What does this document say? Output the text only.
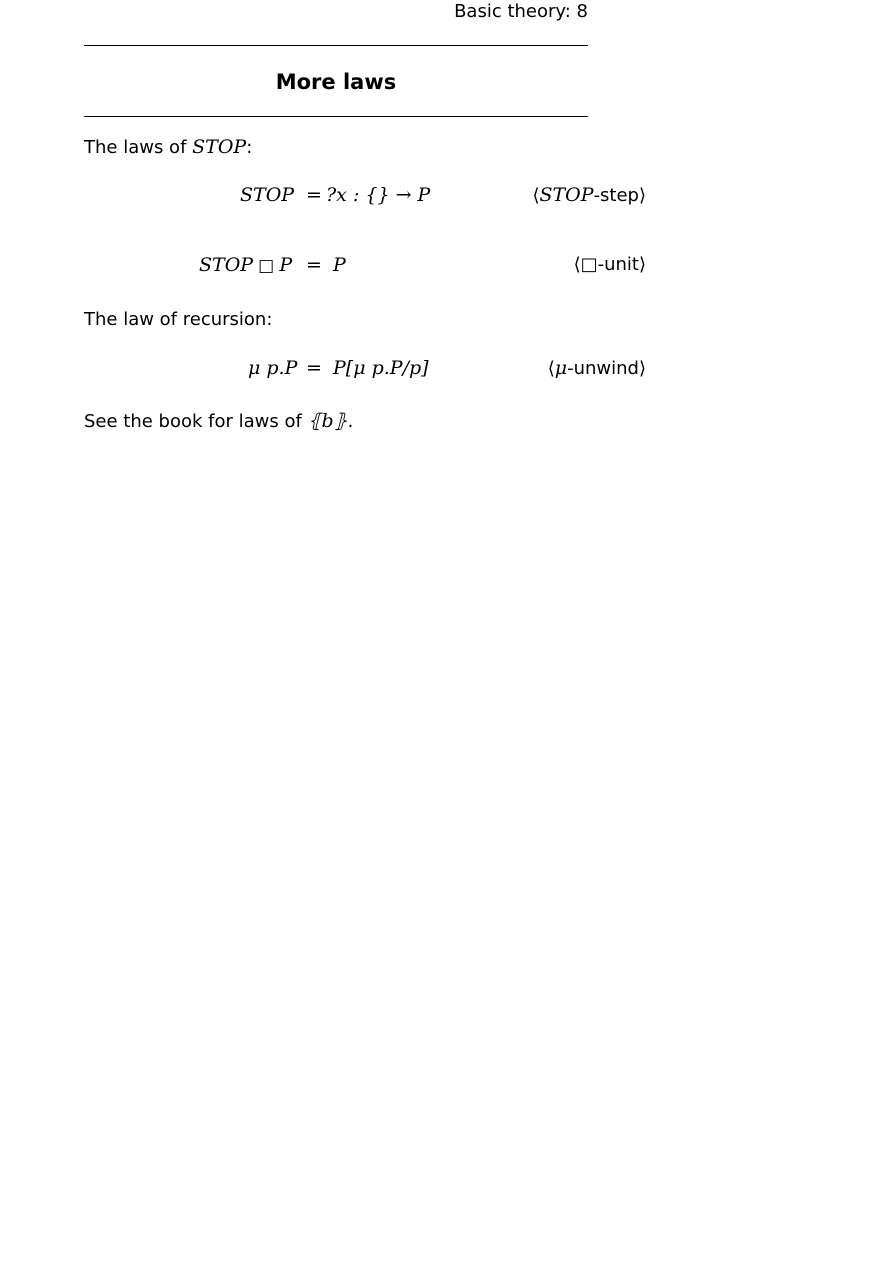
Basic theory: 8
More laws
The laws of STOP:
STOP = ?x : {} → P	⟨STOP-step⟩
STOP □ P = P	⟨□-unit⟩
The law of recursion:
μ p.P = P[μ p.P/p]	⟨μ-unwind⟩
See the book for laws of ⦃b⦄.
